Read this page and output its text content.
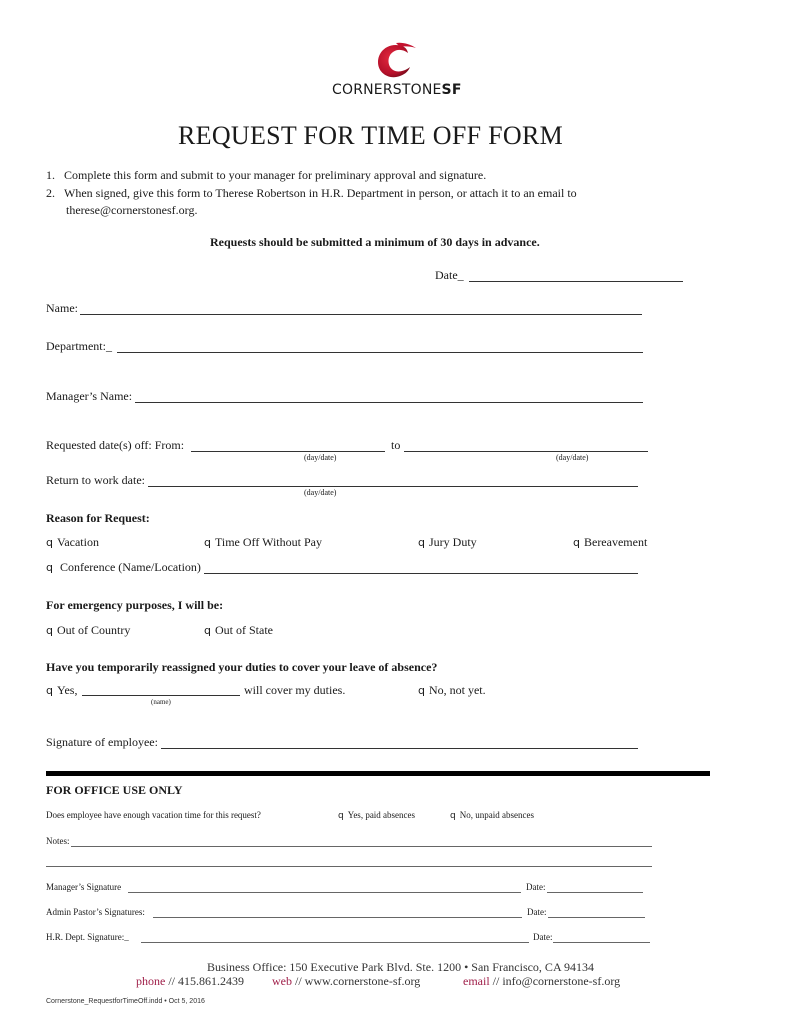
CORNERSTONESF
REQUEST FOR TIME OFF FORM
1. Complete this form and submit to your manager for preliminary approval and signature.
2. When signed, give this form to Therese Robertson in H.R. Department in person, or attach it to an email to
therese@cornerstonesf.org.
Requests should be submitted a minimum of 30 days in advance.
Date_
Name:
Department:_
Manager’s Name:
Requested date(s) off: From:
(day/date)
to
(day/date)
Return to work date:
(day/date)
Reason for Request:
q Vacation	q Time Off Without Pay	q Jury Duty	q Bereavement
q Conference (Name/Location)
For emergency purposes, I will be:
q Out of Country	q Out of State
Have you temporarily reassigned your duties to cover your leave of absence?
q Yes,
(name)
will cover my duties.	q No, not yet.
Signature of employee:
FOR OFFICE USE ONLY
Does employee have enough vacation time for this request?	q Yes, paid absences	q No, unpaid absences
Notes:
Manager’s Signature	Date:
Admin Pastor’s Signatures:	Date:
H.R. Dept. Signature:_	Date:
Business Office: 150 Executive Park Blvd. Ste. 1200 • San Francisco, CA 94134
phone // 415.861.2439 web // www.cornerstone-sf.org	email // info@cornerstone-sf.org
Cornerstone_RequestforTimeOff.indd • Oct 5, 2016
